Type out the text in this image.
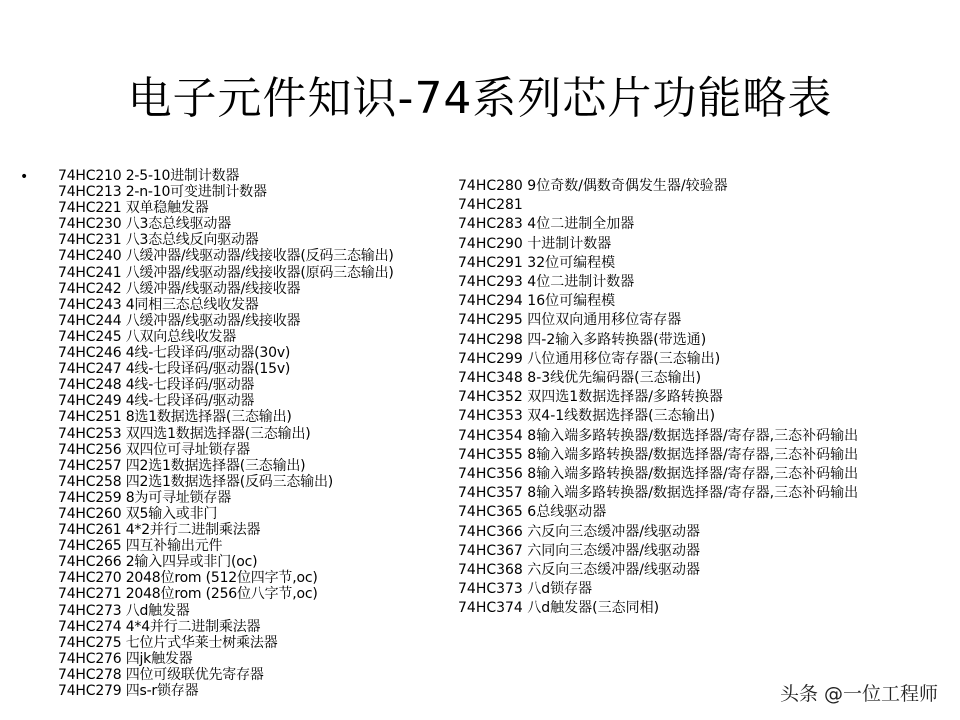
电子元件知识-74系列芯片功能略表
• 74HC210 2-5-10进制计数器
74HC213 2-n-10可变进制计数器
74HC221 双单稳触发器
74HC230 八3态总线驱动器
74HC231 八3态总线反向驱动器
74HC240 八缓冲器/线驱动器/线接收器(反码三态输出)
74HC241 八缓冲器/线驱动器/线接收器(原码三态输出)
74HC242 八缓冲器/线驱动器/线接收器
74HC243 4同相三态总线收发器
74HC244 八缓冲器/线驱动器/线接收器
74HC245 八双向总线收发器
74HC246 4线-七段译码/驱动器(30v)
74HC247 4线-七段译码/驱动器(15v)
74HC248 4线-七段译码/驱动器
74HC249 4线-七段译码/驱动器
74HC251 8选1数据选择器(三态输出)
74HC253 双四选1数据选择器(三态输出)
74HC256 双四位可寻址锁存器
74HC257 四2选1数据选择器(三态输出)
74HC258 四2选1数据选择器(反码三态输出)
74HC259 8为可寻址锁存器
74HC260 双5输入或非门
74HC261 4*2并行二进制乘法器
74HC265 四互补输出元件
74HC266 2输入四异或非门(oc)
74HC270 2048位rom (512位四字节,oc)
74HC271 2048位rom (256位八字节,oc)
74HC273 八d触发器
74HC274 4*4并行二进制乘法器
74HC275 七位片式华莱士树乘法器
74HC276 四jk触发器
74HC278 四位可级联优先寄存器
74HC279 四s-r锁存器
74HC280 9位奇数/偶数奇偶发生器/较验器
74HC281
74HC283 4位二进制全加器
74HC290 十进制计数器
74HC291 32位可编程模
74HC293 4位二进制计数器
74HC294 16位可编程模
74HC295 四位双向通用移位寄存器
74HC298 四-2输入多路转换器(带选通)
74HC299 八位通用移位寄存器(三态输出)
74HC348 8-3线优先编码器(三态输出)
74HC352 双四选1数据选择器/多路转换器
74HC353 双4-1线数据选择器(三态输出)
74HC354 8输入端多路转换器/数据选择器/寄存器,三态补码输出
74HC355 8输入端多路转换器/数据选择器/寄存器,三态补码输出
74HC356 8输入端多路转换器/数据选择器/寄存器,三态补码输出
74HC357 8输入端多路转换器/数据选择器/寄存器,三态补码输出
74HC365 6总线驱动器
74HC366 六反向三态缓冲器/线驱动器
74HC367 六同向三态缓冲器/线驱动器
74HC368 六反向三态缓冲器/线驱动器
74HC373 八d锁存器
74HC374 八d触发器(三态同相)
头条 @一位工程师
